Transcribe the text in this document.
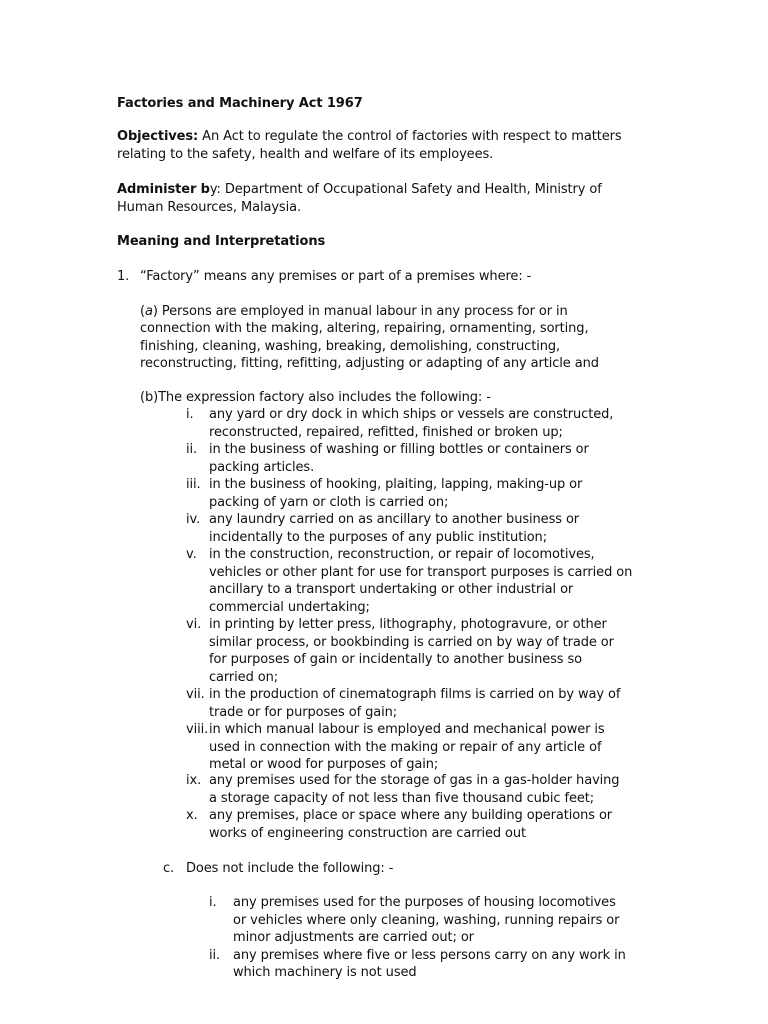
Factories and Machinery Act 1967
Objectives: An Act to regulate the control of factories with respect to matters
relating to the safety, health and welfare of its employees.
Administer by: Department of Occupational Safety and Health, Ministry of
Human Resources, Malaysia.
Meaning and Interpretations
1. “Factory” means any premises or part of a premises where: -
(a) Persons are employed in manual labour in any process for or in
connection with the making, altering, repairing, ornamenting, sorting,
finishing, cleaning, washing, breaking, demolishing, constructing,
reconstructing, fitting, refitting, adjusting or adapting of any article and
(b)The expression factory also includes the following: -
i. any yard or dry dock in which ships or vessels are constructed,
reconstructed, repaired, refitted, finished or broken up;
ii. in the business of washing or filling bottles or containers or
packing articles.
iii. in the business of hooking, plaiting, lapping, making-up or
packing of yarn or cloth is carried on;
iv. any laundry carried on as ancillary to another business or
incidentally to the purposes of any public institution;
v. in the construction, reconstruction, or repair of locomotives,
vehicles or other plant for use for transport purposes is carried on
ancillary to a transport undertaking or other industrial or
commercial undertaking;
vi. in printing by letter press, lithography, photogravure, or other
similar process, or bookbinding is carried on by way of trade or
for purposes of gain or incidentally to another business so
carried on;
vii. in the production of cinematograph films is carried on by way of
trade or for purposes of gain;
viii. in which manual labour is employed and mechanical power is
used in connection with the making or repair of any article of
metal or wood for purposes of gain;
ix. any premises used for the storage of gas in a gas-holder having
a storage capacity of not less than five thousand cubic feet;
x. any premises, place or space where any building operations or
works of engineering construction are carried out
c. Does not include the following: -
i. any premises used for the purposes of housing locomotives
or vehicles where only cleaning, washing, running repairs or
minor adjustments are carried out; or
ii. any premises where five or less persons carry on any work in
which machinery is not used
